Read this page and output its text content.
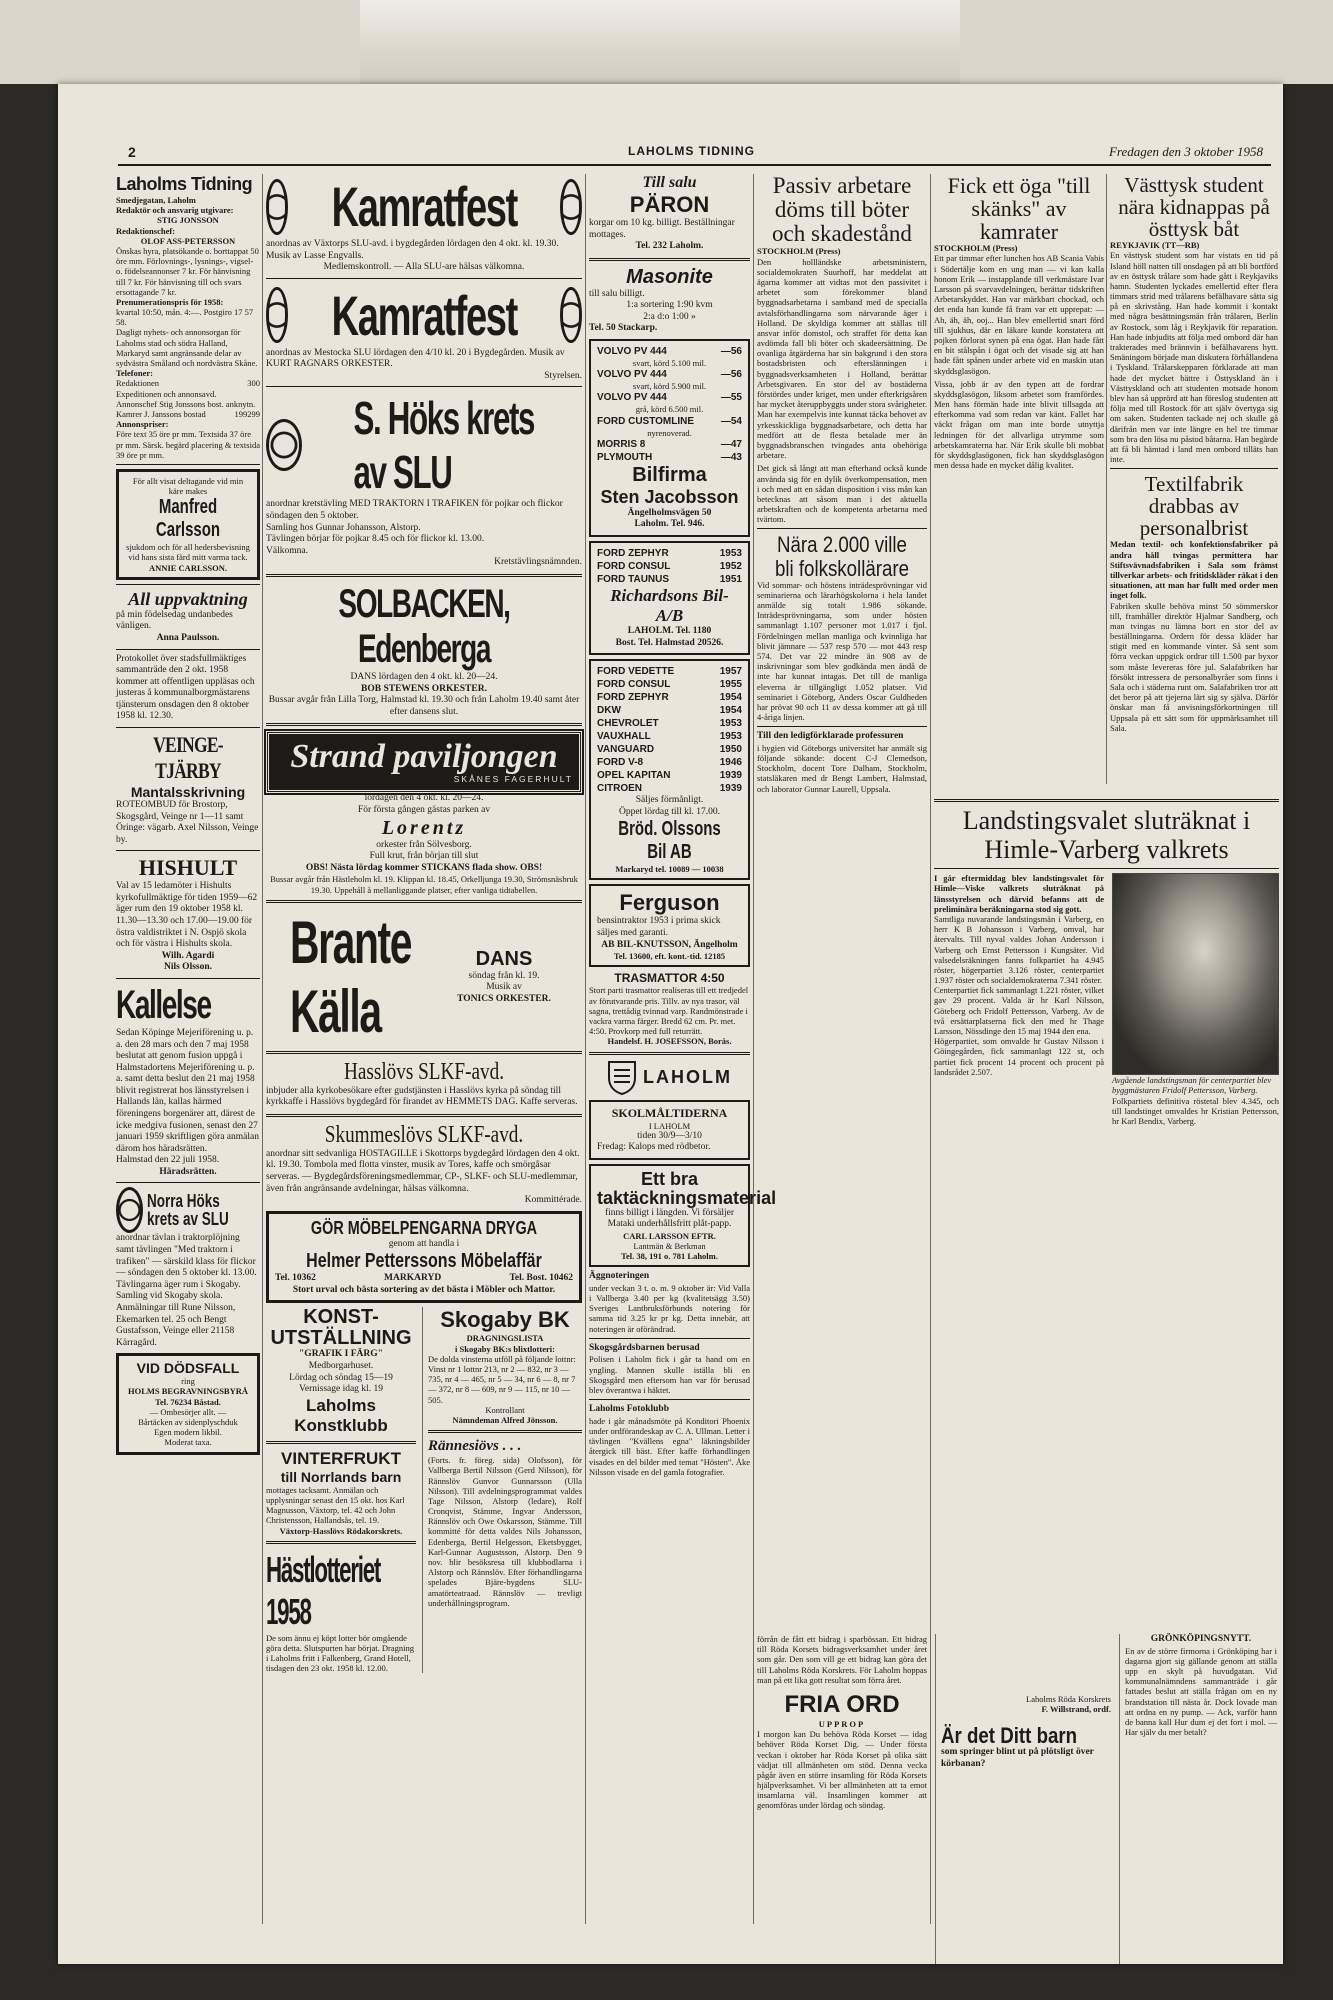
2	LAHOLMS TIDNING	Fredagen den 3 oktober 1958
Laholms Tidning
Smedjegatan, Laholm
Redaktör och ansvarig utgivare:
STIG JONSSON
Redaktionschef:
OLOF ASS-PETERSSON
Önskas hyra, platsökande o. borttappat 50 öre mm. Förlovnings-, lysnings-, vigsel- o. födelseannonser 7 kr. För hänvisning till 7 kr. För hänvisning till och svars ersottagande 7 kr.
Prenumerationspris för 1958:
kvartal 10:50, mån. 4:—. Postgiro 17 57 58.
Dagligt nyhets- och annonsorgan för Laholms stad och södra Halland, Markaryd samt angränsande delar av sydvästra Småland och nordvästra Skåne.
Telefoner:
Redaktionen	300
Expeditionen och annonsavd.
Annonschef Stig Jonssons bost. anknytn.
299
Kamrer J. Janssons bostad	199
Annonspriser:
Före text 35 öre pr mm. Textsida 37 öre pr mm. Särsk. begärd placering & textsida 39 öre pr mm.
För allt visat deltagande vid min käre makes
Manfred Carlsson
sjukdom och för all hedersbevisning vid hans sista färd mitt varma tack.
ANNIE CARLSSON.
All uppvaktning
på min födelsedag undanbedes vänligen.
Anna Paulsson.
Protokollet över stadsfullmäktiges sammanträde den 2 okt. 1958 kommer att offentligen uppläsas och justeras å kommunalborgmästarens tjänsterum onsdagen den 8 oktober 1958 kl. 12.30.
VEINGE-TJÄRBY
Mantalsskrivning
ROTEOMBUD för Brostorp, Skogsgård, Veinge nr 1—11 samt Öringe: vägarb. Axel Nilsson, Veinge by.
HISHULT
Val av 15 ledamöter i Hishults kyrkofullmäktige för tiden 1959—62 äger rum den 19 oktober 1958 kl. 11.30—13.30 och 17.00—19.00 för östra valdistriktet i N. Ospjö skola och för västra i Hishults skola.
Wilh. Agardi
Nils Olsson.
Kallelse
Sedan Köpinge Mejeriförening u. p. a. den 28 mars och den 7 maj 1958 beslutat att genom fusion uppgå i Halmstadortens Mejeriförening u. p. a. samt detta beslut den 21 maj 1958 blivit registrerat hos länsstyrelsen i Hallands län, kallas härmed föreningens borgenärer att, därest de icke medgiva fusionen, senast den 27 januari 1959 skriftligen göra anmälan därom hos häradsrätten.
Halmstad den 22 juli 1958.
Häradsrätten.
Norra Höks krets av SLU
anordnar tävlan i traktorplöjning samt tävlingen "Med traktorn i trafiken" — särskild klass för flickor — söndagen den 5 oktober kl. 13.00. Tävlingarna äger rum i Skogaby. Samling vid Skogaby skola. Anmälningar till Rune Nilsson, Ekemarken tel. 25 och Bengt Gustafsson, Veinge eller 21158 Kärragård.
VID DÖDSFALL
ring
HOLMS BEGRAVNINGSBYRÅ
Tel. 76234 Båstad.
— Ombesörjer allt. —
Bårtäcken av sidenplyschduk
Egen modern likbil.
Moderat taxa.
Kamratfest
anordnas av Växtorps SLU-avd. i bygdegården lördagen den 4 okt. kl. 19.30. Musik av Lasse Engvalls.
Medlemskontroll. — Alla SLU-are hälsas välkomna.
Kamratfest
anordnas av Mestocka SLU lördagen den 4/10 kl. 20 i Bygdegården. Musik av KURT RAGNARS ORKESTER.
Styrelsen.
S. Höks krets av SLU
anordnar kretstävling MED TRAKTORN I TRAFIKEN för pojkar och flickor söndagen den 5 oktober.
Samling hos Gunnar Johansson, Alstorp.
Tävlingen börjar för pojkar 8.45 och för flickor kl. 13.00.
Välkomna.
Kretstävlingsnämnden.
SOLBACKEN, Edenberga
DANS lördagen den 4 okt. kl. 20—24.
BOB STEWENS ORKESTER.
Bussar avgår från Lilla Torg, Halmstad kl. 19.30 och från Laholm 19.40 samt åter efter dansens slut.
Strand paviljongen
SKÅNES FAGERHULT
lördagen den 4 okt. kl. 20—24.
För första gången gästas parken av
Lorentz
orkester från Sölvesborg.
Full krut, från början till slut
OBS! Nästa lördag kommer STICKANS flada show. OBS!
Bussar avgår från Hästleholm kl. 19. Klippan kl. 18.45, Orkelljunga 19.30, Strömsnäsbruk 19.30. Uppehåll å mellanliggande platser, efter vanliga tidtabellen.
Brante Källa
DANS
söndag från kl. 19.
Musik av
TONICS ORKESTER.
Hasslövs SLKF-avd.
inbjuder alla kyrkobesökare efter gudstjänsten i Hasslövs kyrka på söndag till kyrkkaffe i Hasslövs bygdegård för firandet av HEMMETS DAG. Kaffe serveras.
Skummeslövs SLKF-avd.
anordnar sitt sedvanliga HOSTAGILLE i Skottorps bygdegård lördagen den 4 okt. kl. 19.30. Tombola med flotta vinster, musik av Tores, kaffe och smörgåsar serveras. — Bygdegårdsföreningsmedlemmar, CP-, SLKF- och SLU-medlemmar, även från angränsande avdelningar, hälsas välkomna.
Kommittérade.
GÖR MÖBELPENGARNA DRYGA
genom att handla i
Helmer Petterssons Möbelaffär
Tel. 10362	MARKARYD	Tel. Bost. 10462
Stort urval och bästa sortering av det bästa i Möbler och Mattor.
KONST-UTSTÄLLNING
"GRAFIK I FÄRG"
Medborgarhuset.
Lördag och söndag 15—19
Vernissage idag kl. 19
Laholms Konstklubb
VINTERFRUKT
till Norrlands barn
mottages tacksamt. Anmälan och upplysningar senast den 15 okt. hos Karl Magnusson, Växtorp, tel. 42 och John Christensson, Hallandsås, tel. 19.
Växtorp-Hasslövs Rödakorskrets.
Hästlotteriet 1958
De som ännu ej köpt lotter bör omgående göra detta. Slutspurten har börjat. Dragning i Laholms fritt i Falkenberg, Grand Hotell, tisdagen den 23 okt. 1958 kl. 12.00.
Skogaby BK
DRAGNINGSLISTA
i Skogaby BK:s blixtlotteri:
De dolda vinsterna utföll på följande lottnr: Vinst nr 1 lottnr 213, nr 2 — 832, nr 3 — 735, nr 4 — 465, nr 5 — 34, nr 6 — 8, nr 7 — 372, nr 8 — 609, nr 9 — 115, nr 10 — 505.
Kontrollant
Nämndeman Alfred Jönsson.
Rännesiövs . . .
(Forts. fr. föreg. sida) Olofsson), för Vallberga Bertil Nilsson (Gerd Nilsson), för Rännslöv Gunvor Gunnarsson (Ulla Nilsson). Till avdelningsprogrammat valdes Tage Nilsson, Alstorp (ledare), Rolf Cronqvist, Stämme, Ingvar Andersson, Rännslöv och Owe Oskarsson, Stämme. Till kommitté för detta valdes Nils Johansson, Edenberga, Bertil Helgesson, Eketsbygget, Karl-Gunnar Augustsson, Alstorp. Den 9 nov. blir besöksresa till klubbodlarna i Alstorp och Rännslöv. Efter förhandlingarna spelades Bjäre-bygdens SLU-amatörteatraad. Rännslöv — trevligt underhållningsprogram.
Till salu
PÄRON
korgar om 10 kg. billigt. Beställningar mottages.
Tel. 232 Laholm.
Masonite
till salu billigt.
1:a sortering 1:90 kvm
2:a d:o 1:00 »
Tel. 50 Stackarp.
VOLVO PV 444	—56
svart, körd 5.100 mil.
VOLVO PV 444	—56
svart, körd 5.900 mil.
VOLVO PV 444	—55
grå, körd 6.500 mil.
FORD CUSTOMLINE	—54
nyrenoverad.
MORRIS 8	—47
PLYMOUTH	—43
Bilfirma
Sten Jacobsson
Ängelholmsvägen 50
Laholm. Tel. 946.
FORD ZEPHYR	1953
FORD CONSUL	1952
FORD TAUNUS	1951
Richardsons Bil-A/B
LAHOLM. Tel. 1180
Bost. Tel. Halmstad 20526.
FORD VEDETTE	1957
FORD CONSUL	1955
FORD ZEPHYR	1954
DKW	1954
CHEVROLET	1953
VAUXHALL	1953
VANGUARD	1950
FORD V-8	1946
OPEL KAPITAN	1939
CITROEN	1939
Säljes förmånligt.
Öppet lördag till kl. 17.00.
Bröd. Olssons Bil AB
Markaryd tel. 10089 — 10038
Ferguson
bensintraktor 1953 i prima skick säljes med garanti.
AB BIL-KNUTSSON, Ängelholm
Tel. 13600, eft. kont.-tid. 12185
TRASMATTOR 4:50
Stort parti trasmattor realiseras till ett tredjedel av förutvarande pris. Tillv. av nya trasor, väl sagna, trettådig tvinnad varp. Randmönstrade i vackra varma färger. Bredd 62 cm. Pr. met. 4:50. Provkorp med full returrätt.
Handelsf. H. JOSEFSSON, Borås.
LAHOLM
SKOLMÅLTIDERNA
I LAHOLM
tiden 30/9—3/10
Fredag: Kalops med rödbetor.
Ett bra taktäckningsmaterial
finns billigt i längden. Vi försäljer Mataki underhållsfritt plåt-papp.
CARL LARSSON EFTR.
Lantmän & Berkman
Tel. 38, 191 o. 781 Laholm.
Äggnoteringen
under veckan 3 t. o. m. 9 oktober är: Vid Valla i Vallberga 3.40 per kg (kvalitetsägg 3.50) Sveriges Lantbruksförbunds notering för samma tid 3.25 kr pr kg. Detta innebär, att noteringen är oförändrad.
Skogsgårdsbarnen berusad
Polisen i Laholm fick i går ta hand om en yngling. Mannen skulle iställa bli en Skogsgård men eftersom han var för berusad blev överantwa i häktet.
Laholms Fotoklubb
hade i går månadsmöte på Konditori Phoenix under ordförandeskap av C. A. Ullman. Letter i tävlingen "Kvällens egna" läkningsbilder återgick till bäst. Efter kaffe förhandlingen visades en del bilder med temat "Hösten". Åke Nilsson visade en del gamla fotografier.
Passiv arbetare döms till böter och skadestånd
STOCKHOLM (Press)
Den hollländske arbetsministern, socialdemokraten Suurhoff, har meddelat att ägarna kommer att vidtas mot den passivitet i arbetet som förekommer bland byggnadsarbetarna i samband med de specialla avtalsförhandlingarna som närvarande äger i Holland. De skyldiga kommer att ställas till ansvar inför domstol, och straffet för detta kan avdömda fall bli böter och skadeersättning. De ovanliga åtgärderna har sin bakgrund i den stora bostadsbristen och efterslänningen i byggnadsverksamheten i Holland, berättar Arbetsgivaren. En stor del av bostäderna förstördes under kriget, men under efterkrigsåren har mycket återuppbyggts under stora svårigheter. Man har exempelvis inte kunnat täcka behovet av yrkesskickliga byggnadsarbetare, och detta har medfört att de flesta betalade mer än byggnadsbranschen tvingades anta obehöriga arbetare.
Det gick så långt att man efterhand också kunde använda sig för en dylik överkompensation, men i och med att en sådan disposition i viss mån kan betecknas att såsom man i det aktuella arbetskraften och de kompetenta arbetarna med tvärtom.
Nära 2.000 ville bli folkskollärare
Vid sommar- och höstens inträdesprövningar vid seminarierna och lärarhögskolorna i hela landet anmälde sig totalt 1.986 sökande. Inträdesprövningarna, som under hösten sammanlagt 1.107 personer mot 1.017 i fjol. Fördelningen mellan manliga och kvinnliga har blivit jämnare — 537 resp 570 — mot 443 resp 574. Det var 22 mindre än 908 av de inskrivningar som blev godkända men ändå de inte har kunnat intagas. Det till de manliga eleverna är tillgängligt 1.052 platser. Vid seminariet i Göteborg, Anders Oscar Guldheden har prövat 90 och 11 av dessa kommer att gå till 4-åriga linjen.
Till den ledigförklarade professuren
i hygien vid Göteborgs universitet har anmält sig följande sökande: docent C-J Clemedson, Stockholm, docent Tore Dalham, Stockholm, statsläkaren med dr Bengt Lambert, Halmstad, och laborator Gunnar Laurell, Uppsala.
Fick ett öga "till skänks" av kamrater
STOCKHOLM (Press)
Ett par timmar efter lunchen hos AB Scania Vabis i Södertälje kom en ung man — vi kan kalla honom Erik — instapplande till verkmästare Ivar Larsson på svarvavdelningen, berättar tidskriften Arbetarskyddet. Han var märkbart chockad, och det enda han kunde få fram var ett upprepat: — Ah, äh, äh, ooj... Han blev emellertid snart förd till sjukhus, där en läkare kunde konstatera att pojken förlorat synen på ena ögat. Han hade fått en bit stålspån i ögat och det visade sig att han hade fått spånen under arbete vid en maskin utan skyddsglasögon.
Vissa, jobb är av den typen att de fordrar skyddsglasögon, liksom arbetet som framfördes. Men hans förmän hade inte blivit tillsagda att efterkomma vad som redan var känt. Fallet har väckt frågan om man inte borde utnyttja ledningen för det allvarliga utrymme som arbetskamraterna har. När Erik skulle bli mobbat för skyddsglasögonen, fick han skyddsglasögon men dessa hade en mycket dålig kvalitet.
Västtysk student nära kidnappas på östtysk båt
REYKJAVIK (TT—RB)
En västtysk student som har vistats en tid på Island höll natten till onsdagen på att bli bortförd av en östtysk trålare som hade gått i Reykjaviks hamn. Studenten lyckades emellertid efter flera timmars strid med trålarens befälhavare sätta sig på en skrivstång. Han hade kommit i kontakt med några besättningsmän från trålaren, Berlin av Rostock, som låg i Reykjavik för reparation. Han hade inbjudits att följa med ombord där han trakterades med brännvin i befälhavarens hytt. Smäningom började man diskutera förhållandena i Tyskland. Trålarskepparen förklarade att man hade det mycket bättre i Östtyskland än i Västtyskland och att studenten motsade honom blev han så upprörd att han föreslog studenten att följa med till Rostock för att själv övertyga sig om saken. Studenten tackade nej och skulle gå därifrån men var inte längre en hel tre timmar som bra den lösa nu påstod båtarna. Han begärde att få bli hämtad i land men ombord tilläts han inte.
Textilfabrik drabbas av personalbrist
Medan textil- och konfektionsfabriker på andra håll tvingas permittera har Stiftsvävnadsfabriken i Sala som främst tillverkar arbets- och fritidskläder råkat i den situationen, att man har fullt med order men inget folk.
Fabriken skulle behöva minst 50 sömmerskor till, framhåller direktör Hjalmar Sandberg, och man tvingas nu lämna bort en stor del av beställningarna. Ordern för dessa kläder har stigit med en kommande vinter. Så sent som förra veckan uppgick ordrar till 1.500 par byxor som måste levereras före jul. Salafabriken har försökt intressera de personalbyråer som finns i Sala och i städerna runt om. Salafabriken tror att det beror på att tjejerna lärt sig sy själva. Därför önskar man få anvisningsförkortningen till Uppsala på ett sätt som för uppmärksamhet till Sala.
Landstingsvalet sluträknat i Himle-Varberg valkrets
I går eftermiddag blev landstingsvalet för Himle—Viske valkrets sluträknat på länsstyrelsen och därvid befanns att de preliminära beräkningarna stod sig gott.
Samtliga nuvarande landstingsmän i Varberg, en herr K B Johansson i Varberg, omval, har återvalts. Till nyval valdes Johan Andersson i Varberg och Ernst Pettersson i Kungsäter. Vid valsedelsräkningen fanns folkpartiet ha 4.945 röster, högerpartiet 3.126 röster, centerpartiet 1.937 röster och socialdemokraterna 7.341 röster.
Centerpartiet fick sammanlagt 1.221 röster, vilket gav 29 procent. Valda är hr Karl Nilsson, Göteberg och Fridolf Pettersson, Varberg. Av de två ersättarplatserna fick den med hr Thage Larsson, Nössdinge den 15 maj 1944 den ena.
Högerpartiet, som omvalde hr Gustav Nilsson i Göingegården, fick sammanlagt 122 st, och partiet fick procent 14 procent och procent på landsrådet 2.507.
Avgående landstingsman för centerpartiet blev byggmästaren Fridolf Pettersson, Varberg.
Folkpartiets definitiva röstetal blev 4.345, och till landstinget omvaldes hr Kristian Pettersson, hr Karl Bendix, Varberg.
förrån de fått ett bidrag i sparbössan. Ett bidrag till Röda Korsets bidragsverksamhet under året som går. Den som vill ge ett bidrag kan göra det till Laholms Röda Korskrets. För Laholm hoppas man på ett lika gott resultat som förra året.
FRIA ORD
UPPROP
I morgon kan Du behöva Röda Korset — idag behöver Röda Korset Dig. — Under första veckan i oktober har Röda Korset på olika sätt vädjat till allmänheten om stöd. Denna vecka pågår även en större insamling för Röda Korsets hjälpverksamhet. Vi ber allmänheten att ta emot insamlarna väl. Insamlingen kommer att genomföras under lördag och söndag.
Laholms Röda Korskrets
F. Willstrand, ordf.
Är det Ditt barn
som springer blint ut på plötsligt över körbanan?
GRÖNKÖPINGSNYTT.
En av de större firmorna i Grönköping har i dagarna gjort sig gällande genom att ställa upp en skylt på huvudgatan. Vid kommunalnämndens sammanträde i går fattades beslut att ställa frågan om en ny brandstation till nästa år. Dock lovade man att ordna en ny pump. — Ack, varför hann de banna kall Hur dum ej det fort i mol. — Har själv du mer betalt?
